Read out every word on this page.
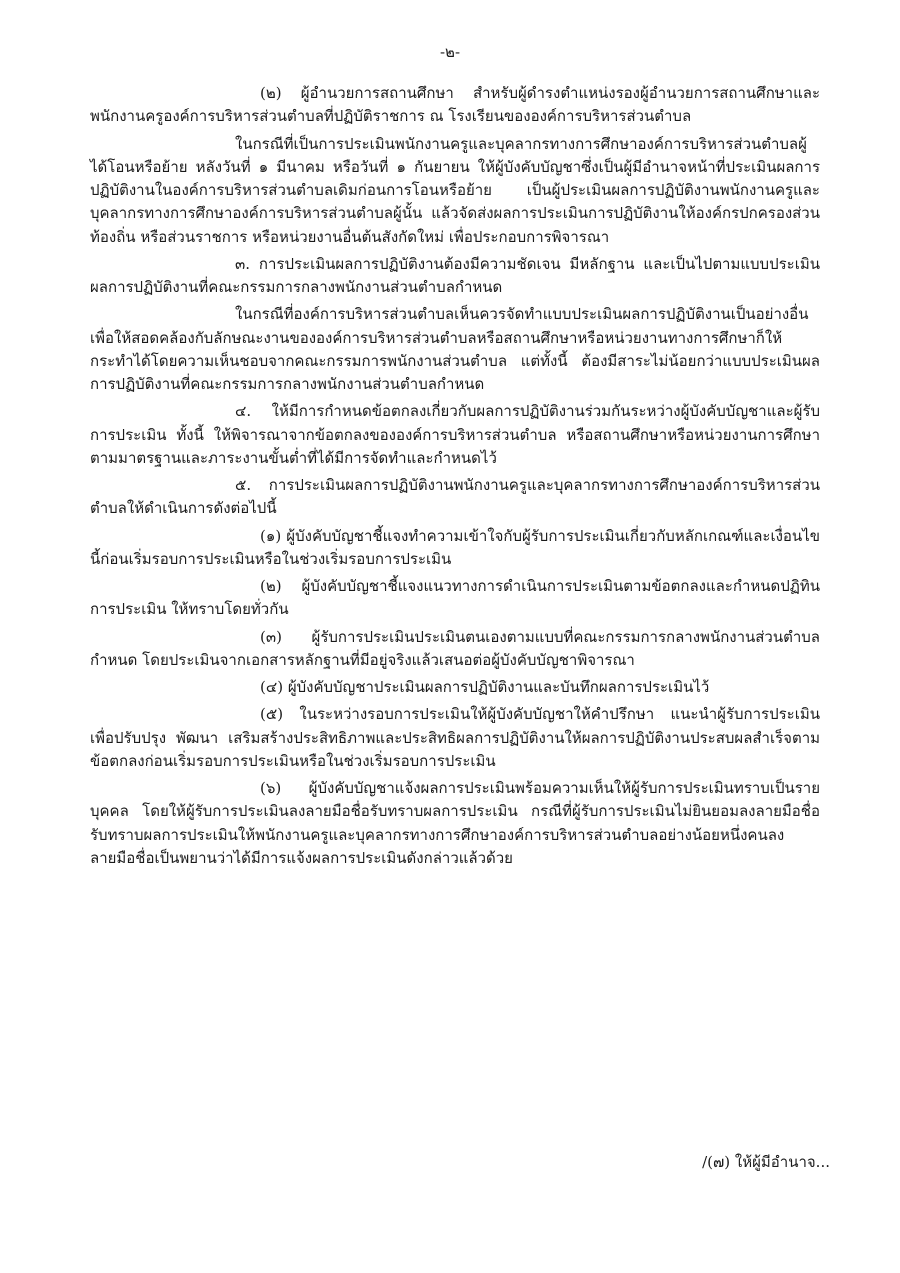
-๒-

(๒) ผู้อำนวยการสถานศึกษา สำหรับผู้ดำรงตำแหน่งรองผู้อำนวยการสถานศึกษาและพนักงานครูองค์การบริหารส่วนตำบลที่ปฏิบัติราชการ ณ โรงเรียนขององค์การบริหารส่วนตำบล

ในกรณีที่เป็นการประเมินพนักงานครูและบุคลากรทางการศึกษาองค์การบริหารส่วนตำบลผู้ได้โอนหรือย้าย หลังวันที่ ๑ มีนาคม หรือวันที่ ๑ กันยายน ให้ผู้บังคับบัญชาซึ่งเป็นผู้มีอำนาจหน้าที่ประเมินผลการปฏิบัติงานในองค์การบริหารส่วนตำบลเดิมก่อนการโอนหรือย้าย เป็นผู้ประเมินผลการปฏิบัติงานพนักงานครูและบุคลากรทางการศึกษาองค์การบริหารส่วนตำบลผู้นั้น แล้วจัดส่งผลการประเมินการปฏิบัติงานให้องค์กรปกครองส่วนท้องถิ่น หรือส่วนราชการ หรือหน่วยงานอื่นต้นสังกัดใหม่ เพื่อประกอบการพิจารณา

๓. การประเมินผลการปฏิบัติงานต้องมีความชัดเจน มีหลักฐาน และเป็นไปตามแบบประเมินผลการปฏิบัติงานที่คณะกรรมการกลางพนักงานส่วนตำบลกำหนด

ในกรณีที่องค์การบริหารส่วนตำบลเห็นควรจัดทำแบบประเมินผลการปฏิบัติงานเป็นอย่างอื่นเพื่อให้สอดคล้องกับลักษณะงานขององค์การบริหารส่วนตำบลหรือสถานศึกษาหรือหน่วยงานทางการศึกษาก็ให้กระทำได้โดยความเห็นชอบจากคณะกรรมการพนักงานส่วนตำบล แต่ทั้งนี้ ต้องมีสาระไม่น้อยกว่าแบบประเมินผลการปฏิบัติงานที่คณะกรรมการกลางพนักงานส่วนตำบลกำหนด

๔. ให้มีการกำหนดข้อตกลงเกี่ยวกับผลการปฏิบัติงานร่วมกันระหว่างผู้บังคับบัญชาและผู้รับการประเมิน ทั้งนี้ ให้พิจารณาจากข้อตกลงขององค์การบริหารส่วนตำบล หรือสถานศึกษาหรือหน่วยงานการศึกษา ตามมาตรฐานและภาระงานขั้นต่ำที่ได้มีการจัดทำและกำหนดไว้

๕. การประเมินผลการปฏิบัติงานพนักงานครูและบุคลากรทางการศึกษาองค์การบริหารส่วนตำบลให้ดำเนินการดังต่อไปนี้

(๑) ผู้บังคับบัญชาชี้แจงทำความเข้าใจกับผู้รับการประเมินเกี่ยวกับหลักเกณฑ์และเงื่อนไขนี้ก่อนเริ่มรอบการประเมินหรือในช่วงเริ่มรอบการประเมิน

(๒) ผู้บังคับบัญชาชี้แจงแนวทางการดำเนินการประเมินตามข้อตกลงและกำหนดปฏิทินการประเมิน ให้ทราบโดยทั่วกัน

(๓) ผู้รับการประเมินประเมินตนเองตามแบบที่คณะกรรมการกลางพนักงานส่วนตำบลกำหนด โดยประเมินจากเอกสารหลักฐานที่มีอยู่จริงแล้วเสนอต่อผู้บังคับบัญชาพิจารณา

(๔) ผู้บังคับบัญชาประเมินผลการปฏิบัติงานและบันทึกผลการประเมินไว้

(๕) ในระหว่างรอบการประเมินให้ผู้บังคับบัญชาให้คำปรึกษา แนะนำผู้รับการประเมินเพื่อปรับปรุง พัฒนา เสริมสร้างประสิทธิภาพและประสิทธิผลการปฏิบัติงานให้ผลการปฏิบัติงานประสบผลสำเร็จตามข้อตกลงก่อนเริ่มรอบการประเมินหรือในช่วงเริ่มรอบการประเมิน

(๖) ผู้บังคับบัญชาแจ้งผลการประเมินพร้อมความเห็นให้ผู้รับการประเมินทราบเป็นรายบุคคล โดยให้ผู้รับการประเมินลงลายมือชื่อรับทราบผลการประเมิน กรณีที่ผู้รับการประเมินไม่ยินยอมลงลายมือชื่อรับทราบผลการประเมินให้พนักงานครูและบุคลากรทางการศึกษาองค์การบริหารส่วนตำบลอย่างน้อยหนึ่งคนลงลายมือชื่อเป็นพยานว่าได้มีการแจ้งผลการประเมินดังกล่าวแล้วด้วย

/(๗) ให้ผู้มีอำนาจ...
